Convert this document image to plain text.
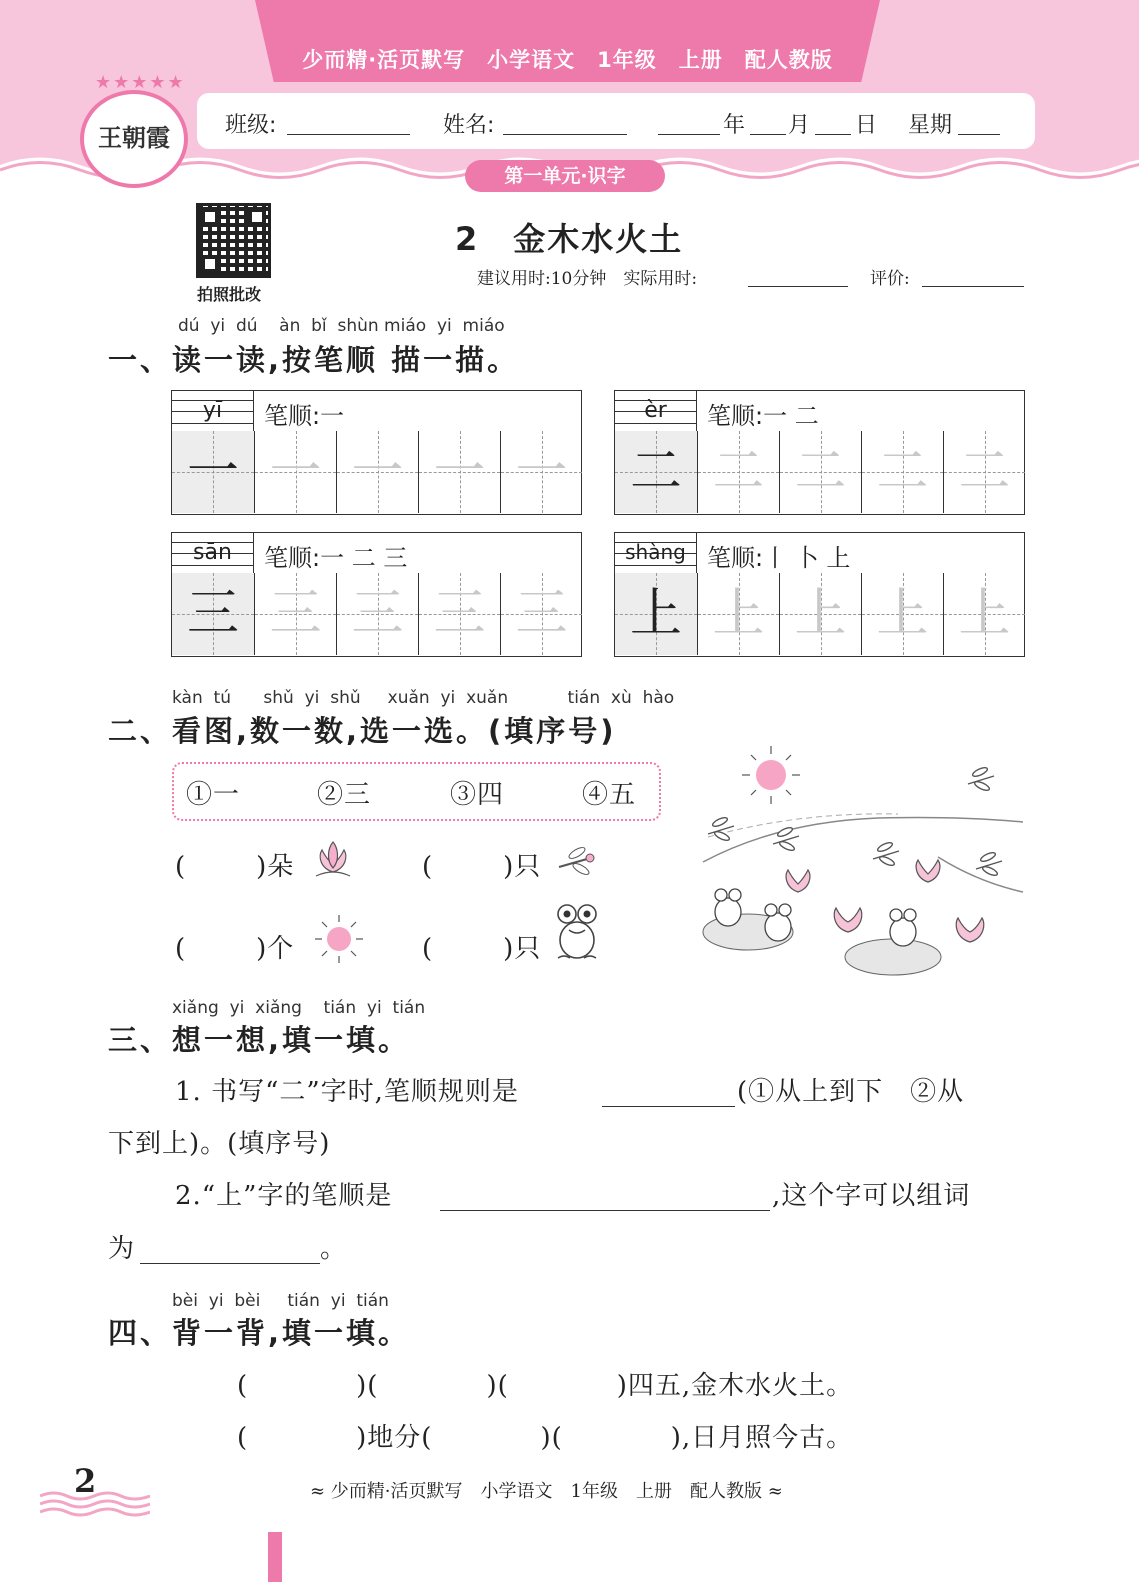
少而精·活页默写　小学语文　1年级　上册　配人教版
班级:	姓名:	年 月 日 星期
第一单元·识字
王朝霞
★★★★★
拍照批改
2　金木水火土
建议用时:10分钟　实际用时:	评价:
dú  yi  dú    àn  bǐ  shùn miáo  yi  miáo
一、读一读,按笔顺 描一描。
yī	笔顺:一
一 一 一 一 一
èr	笔顺:一 二
二 二 二 二 二
sān	笔顺:一 二 三
三 三 三 三 三
shàng 笔顺:丨 卜 上
上 上 上 上 上
kàn  tú      shǔ  yi  shǔ     xuǎn  yi  xuǎn           tián  xù  hào
二、看图,数一数,选一选。(填序号)
①一	②三	③四	④五
(	)朵	(	)只
(	)个	(	)只
xiǎng  yi  xiǎng    tián  yi  tián
三、想一想,填一填。
1. 书写“二”字时,笔顺规则是	(①从上到下　②从
下到上)。(填序号)
2.“上”字的笔顺是	,这个字可以组词
为	。
bèi  yi  bèi     tián  yi  tián
四、背一背,填一填。
(	)(	)(	)四五,金木水火土。
(	)地分(	)(	),日月照今古。
2	≈ 少而精·活页默写　小学语文　1年级　上册　配人教版 ≈
